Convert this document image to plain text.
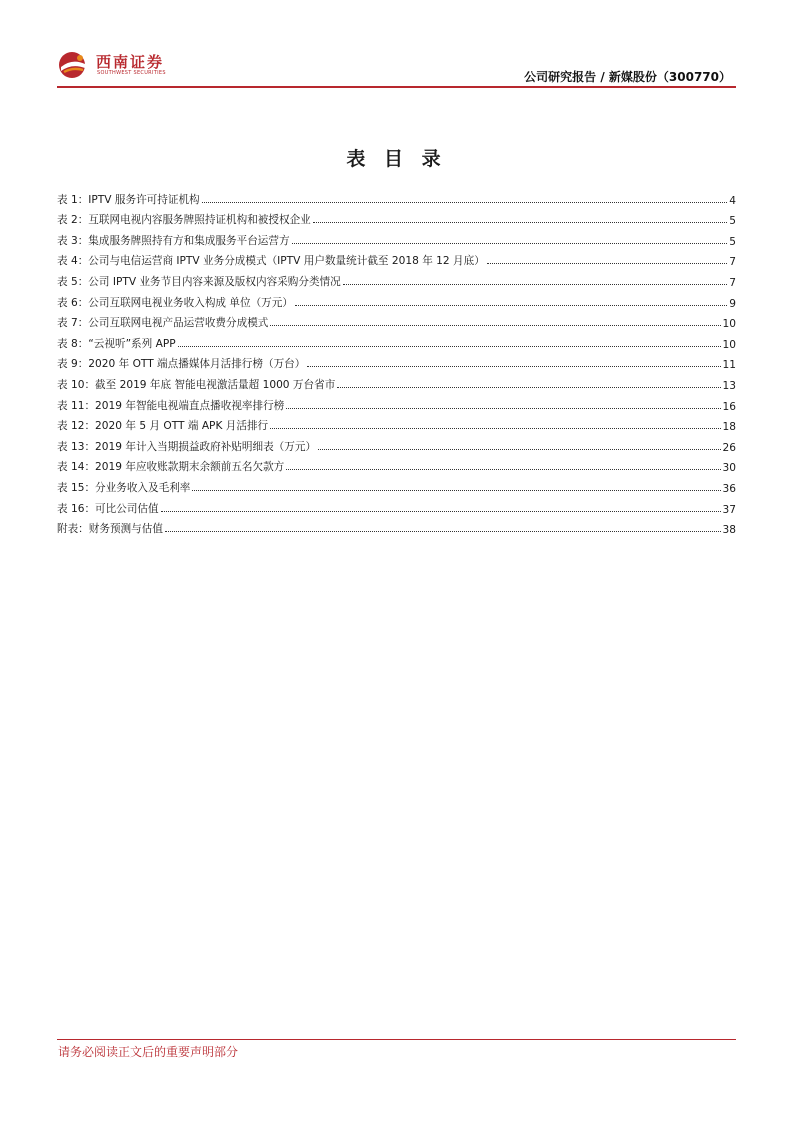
西南证券
SOUTHWEST SECURITIES	公司研究报告 / 新媒股份（300770）
表 目 录
表 1：IPTV 服务许可持证机构	4
表 2：互联网电视内容服务牌照持证机构和被授权企业	5
表 3：集成服务牌照持有方和集成服务平台运营方	5
表 4：公司与电信运营商 IPTV 业务分成模式（IPTV 用户数量统计截至 2018 年 12 月底）	7
表 5：公司 IPTV 业务节目内容来源及版权内容采购分类情况	7
表 6：公司互联网电视业务收入构成 单位（万元）	9
表 7：公司互联网电视产品运营收费分成模式	10
表 8：“云视听”系列 APP	10
表 9：2020 年 OTT 端点播媒体月活排行榜（万台）	11
表 10：截至 2019 年底 智能电视激活量超 1000 万台省市	13
表 11：2019 年智能电视端直点播收视率排行榜	16
表 12：2020 年 5 月 OTT 端 APK 月活排行	18
表 13：2019 年计入当期损益政府补贴明细表（万元）	26
表 14：2019 年应收账款期末余额前五名欠款方	30
表 15：分业务收入及毛利率	36
表 16：可比公司估值	37
附表：财务预测与估值	38
请务必阅读正文后的重要声明部分
